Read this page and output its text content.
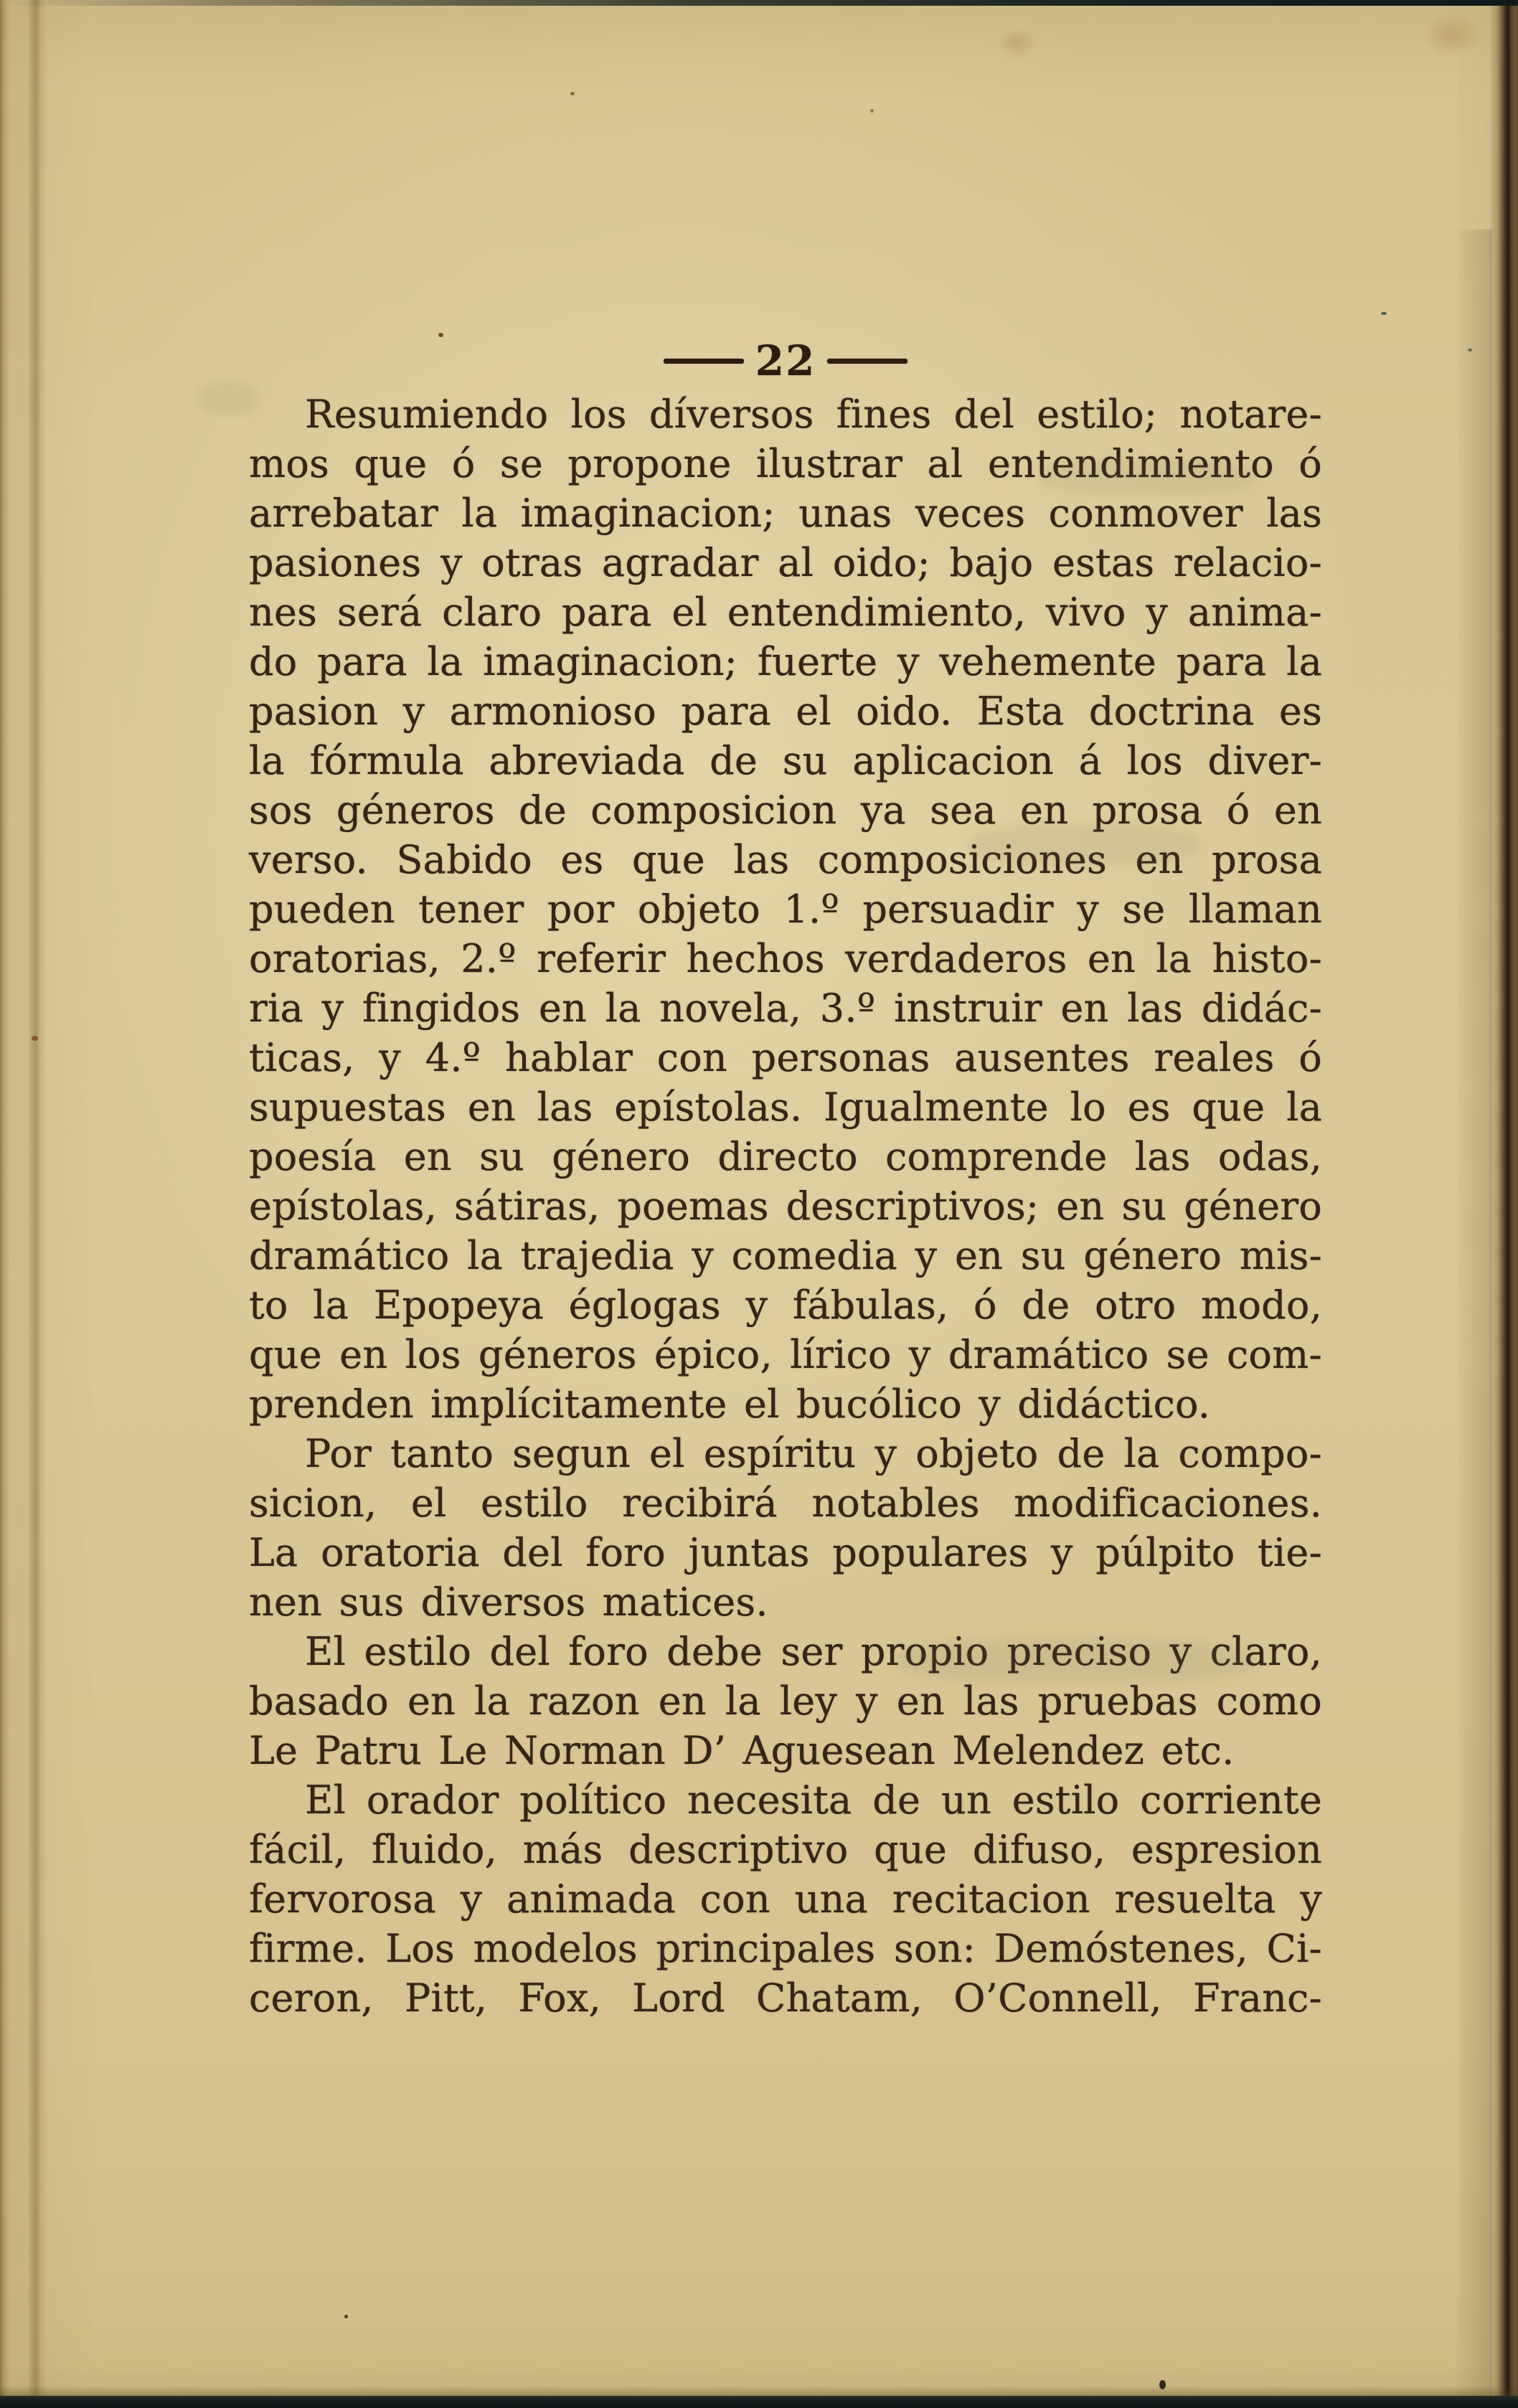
22
Resumiendo los díversos fines del estilo; notare-
mos que ó se propone ilustrar al entendimiento ó
arrebatar la imaginacion; unas veces conmover las
pasiones y otras agradar al oido; bajo estas relacio-
nes será claro para el entendimiento, vivo y anima-
do para la imaginacion; fuerte y vehemente para la
pasion y armonioso para el oido. Esta doctrina es
la fórmula abreviada de su aplicacion á los diver-
sos géneros de composicion ya sea en prosa ó en
verso. Sabido es que las composiciones en prosa
pueden tener por objeto 1.º persuadir y se llaman
oratorias, 2.º referir hechos verdaderos en la histo-
ria y fingidos en la novela, 3.º instruir en las didác-
ticas, y 4.º hablar con personas ausentes reales ó
supuestas en las epístolas. Igualmente lo es que la
poesía en su género directo comprende las odas,
epístolas, sátiras, poemas descriptivos; en su género
dramático la trajedia y comedia y en su género mis-
to la Epopeya églogas y fábulas, ó de otro modo,
que en los géneros épico, lírico y dramático se com-
prenden implícitamente el bucólico y didáctico.
Por tanto segun el espíritu y objeto de la compo-
sicion, el estilo recibirá notables modificaciones.
La oratoria del foro juntas populares y púlpito tie-
nen sus diversos matices.
El estilo del foro debe ser propio preciso y claro,
basado en la razon en la ley y en las pruebas como
Le Patru Le Norman D’ Aguesean Melendez etc.
El orador político necesita de un estilo corriente
fácil, fluido, más descriptivo que difuso, espresion
fervorosa y animada con una recitacion resuelta y
firme. Los modelos principales son: Demóstenes, Ci-
ceron, Pitt, Fox, Lord Chatam, O’Connell, Franc-
